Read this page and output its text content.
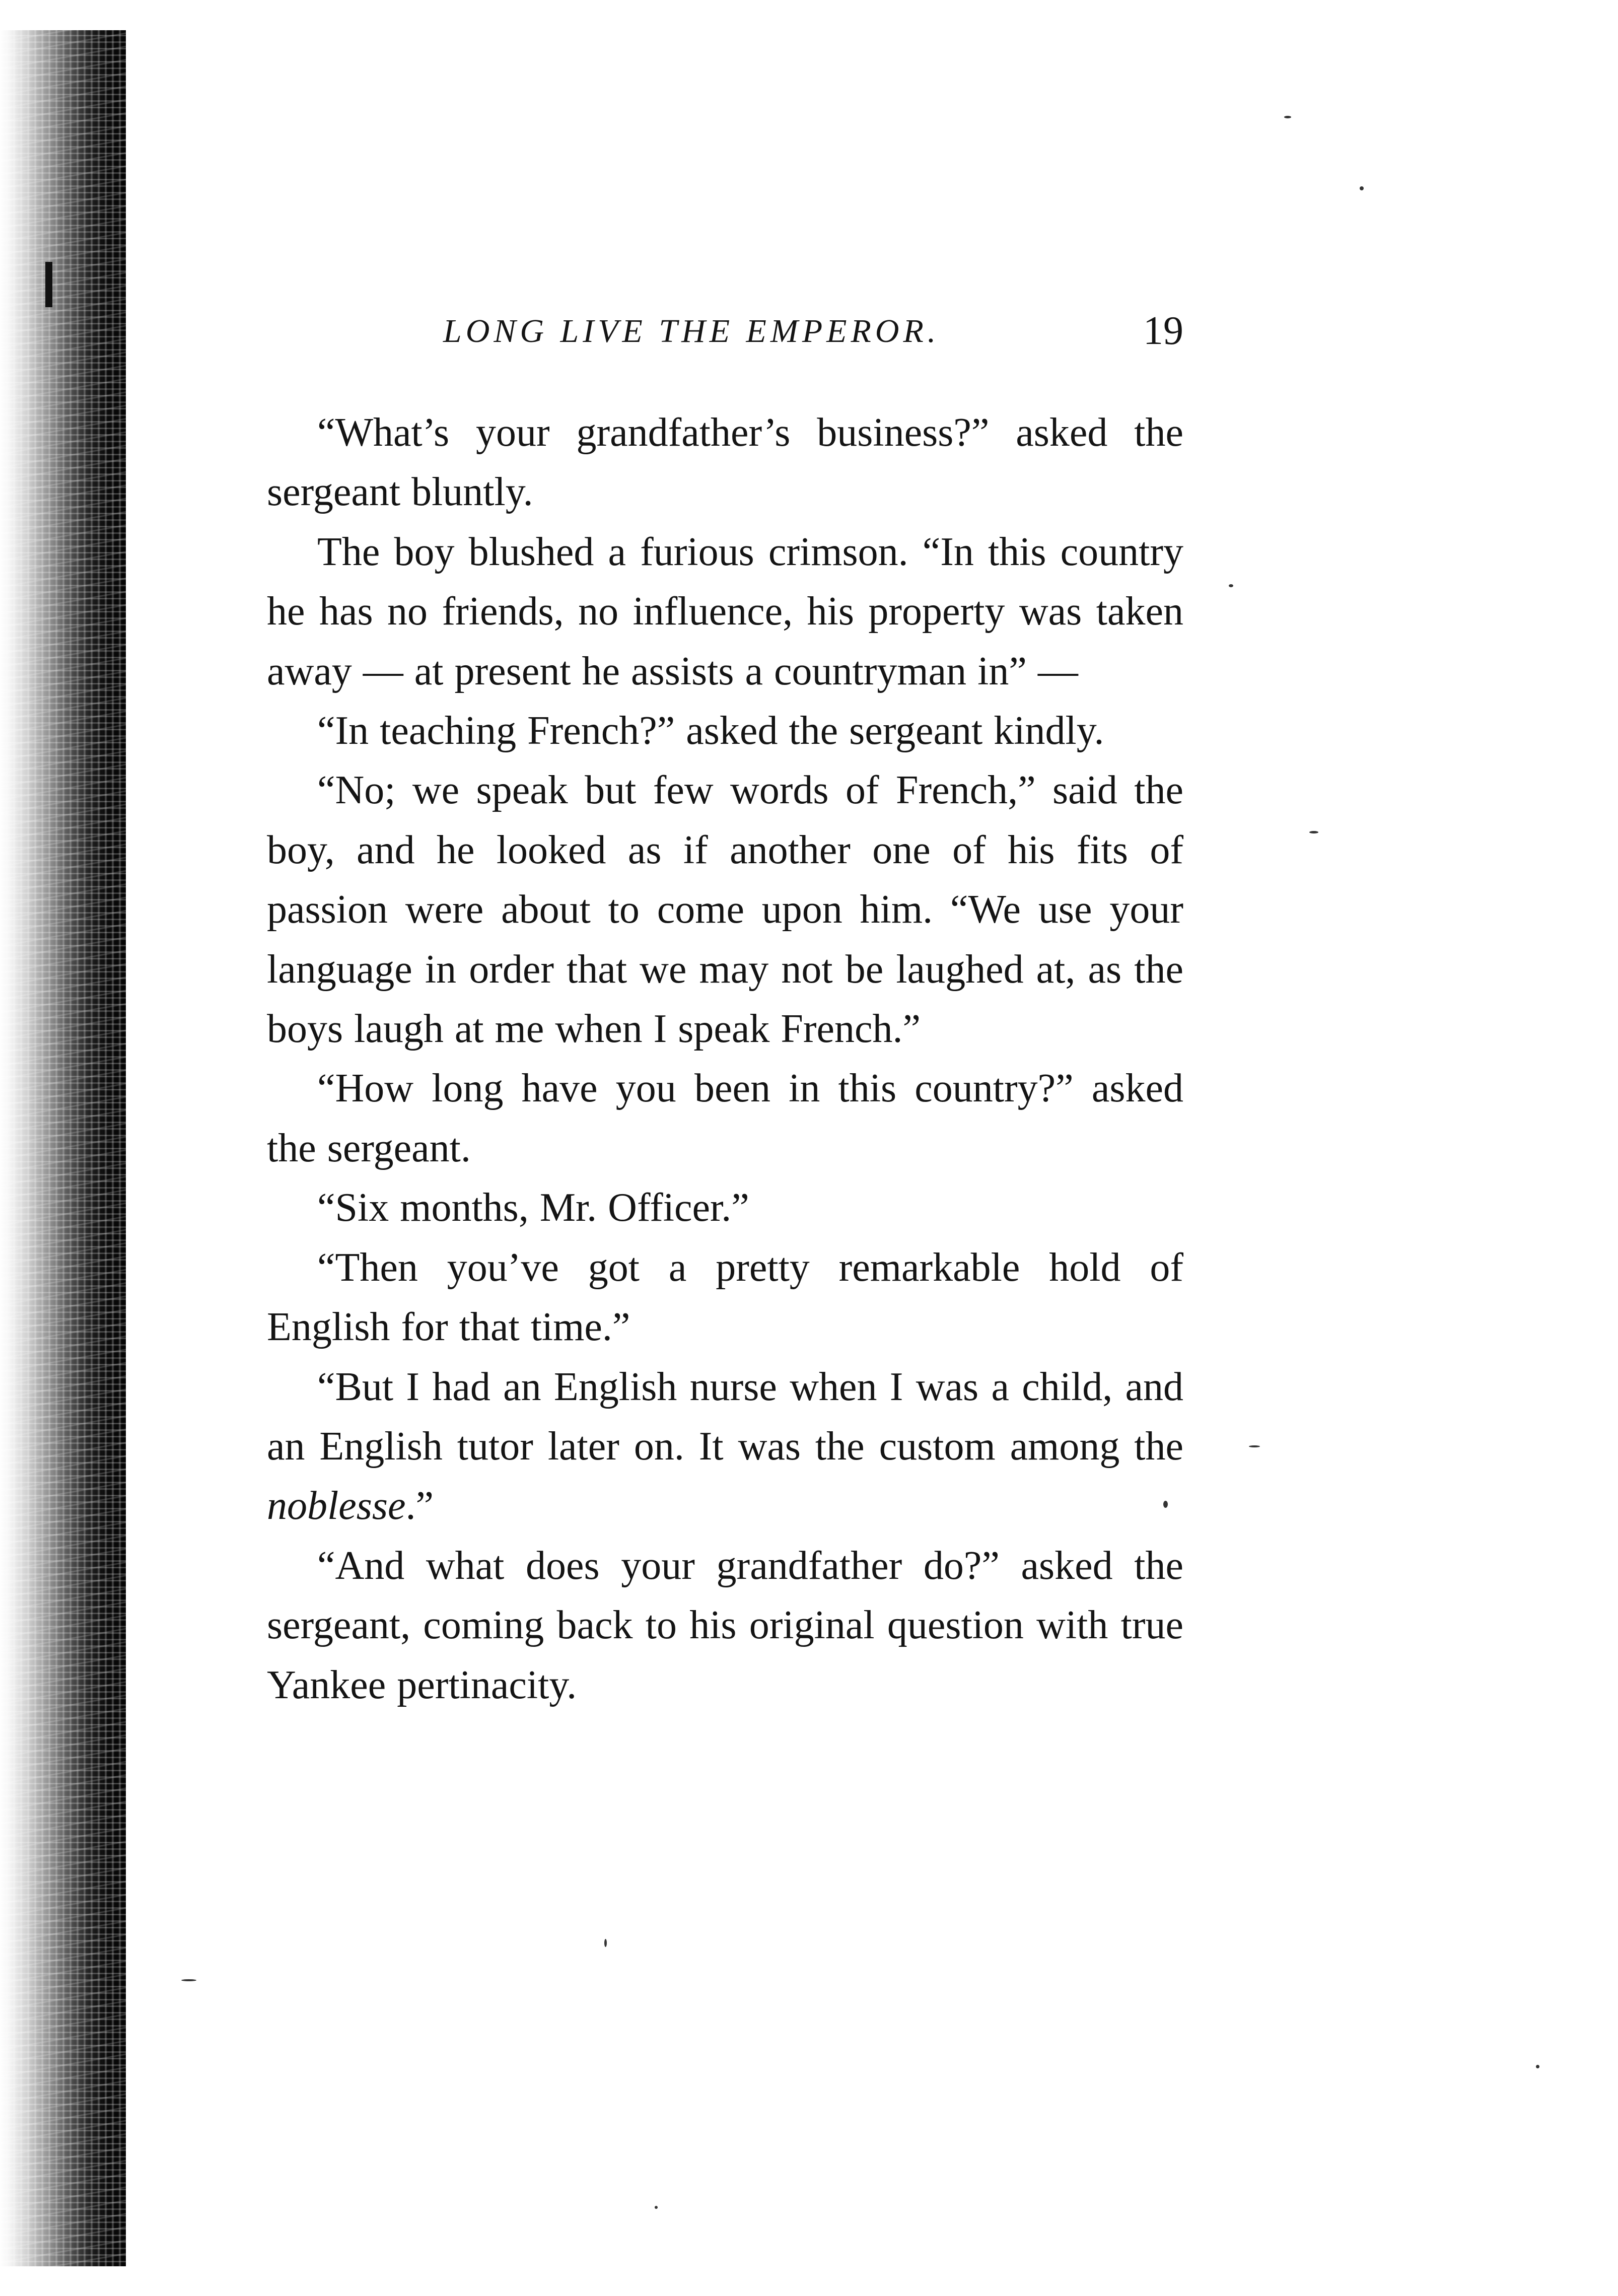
LONG LIVE THE EMPEROR.	19

“What’s your grandfather’s business?” asked the sergeant bluntly.

The boy blushed a furious crimson. “In this country he has no friends, no influence, his property was taken away — at present he assists a countryman in” —

“In teaching French?” asked the sergeant kindly.

“No; we speak but few words of French,” said the boy, and he looked as if another one of his fits of passion were about to come upon him. “We use your language in order that we may not be laughed at, as the boys laugh at me when I speak French.”

“How long have you been in this country?” asked the sergeant.

“Six months, Mr. Officer.”

“Then you’ve got a pretty remarkable hold of English for that time.”

“But I had an English nurse when I was a child, and an English tutor later on. It was the custom among the noblesse.”

“And what does your grandfather do?” asked the sergeant, coming back to his original question with true Yankee pertinacity.
